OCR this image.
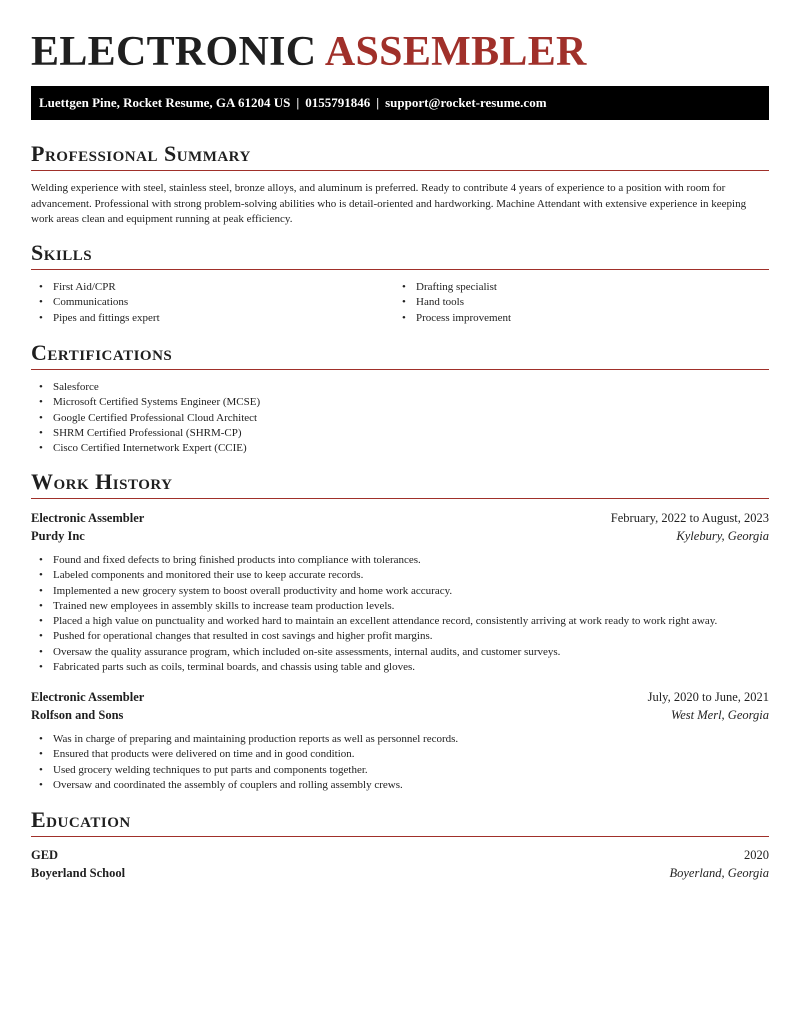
ELECTRONIC ASSEMBLER
Luettgen Pine, Rocket Resume, GA 61204 US | 0155791846 | support@rocket-resume.com
Professional Summary
Welding experience with steel, stainless steel, bronze alloys, and aluminum is preferred. Ready to contribute 4 years of experience to a position with room for advancement. Professional with strong problem-solving abilities who is detail-oriented and hardworking. Machine Attendant with extensive experience in keeping work areas clean and equipment running at peak efficiency.
Skills
• First Aid/CPR
• Communications
• Pipes and fittings expert
• Drafting specialist
• Hand tools
• Process improvement
Certifications
• Salesforce
• Microsoft Certified Systems Engineer (MCSE)
• Google Certified Professional Cloud Architect
• SHRM Certified Professional (SHRM-CP)
• Cisco Certified Internetwork Expert (CCIE)
Work History
Electronic Assembler	February, 2022 to August, 2023
Purdy Inc	Kylebury, Georgia
• Found and fixed defects to bring finished products into compliance with tolerances.
• Labeled components and monitored their use to keep accurate records.
• Implemented a new grocery system to boost overall productivity and home work accuracy.
• Trained new employees in assembly skills to increase team production levels.
• Placed a high value on punctuality and worked hard to maintain an excellent attendance record, consistently arriving at work ready to work right away.
• Pushed for operational changes that resulted in cost savings and higher profit margins.
• Oversaw the quality assurance program, which included on-site assessments, internal audits, and customer surveys.
• Fabricated parts such as coils, terminal boards, and chassis using table and gloves.
Electronic Assembler	July, 2020 to June, 2021
Rolfson and Sons	West Merl, Georgia
• Was in charge of preparing and maintaining production reports as well as personnel records.
• Ensured that products were delivered on time and in good condition.
• Used grocery welding techniques to put parts and components together.
• Oversaw and coordinated the assembly of couplers and rolling assembly crews.
Education
GED	2020
Boyerland School	Boyerland, Georgia
